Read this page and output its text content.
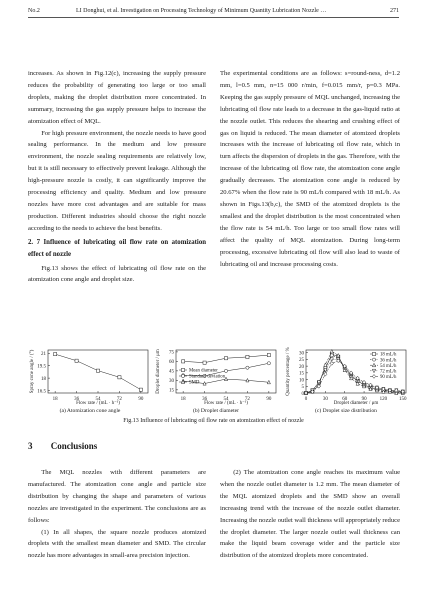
No.2	LI Donghui, et al. Investigation on Processing Technology of Minimum Quantity Lubrication Nozzle …	271

increases. As shown in Fig.12(c), increasing the supply pressure reduces the probability of generating too large or too small droplets, making the droplet distribution more concentrated. In summary, increasing the gas supply pressure helps to increase the atomization effect of MQL.

For high pressure environment, the nozzle needs to have good sealing performance. In the medium and low pressure environment, the nozzle sealing requirements are relatively low, but it is still necessary to effectively prevent leakage. Although the high-pressure nozzle is costly, it can significantly improve the processing efficiency and quality. Medium and low pressure nozzles have more cost advantages and are suitable for mass production. Different industries should choose the right nozzle according to the needs to achieve the best benefits.

2. 7 Influence of lubricating oil flow rate on atomization effect of nozzle

Fig.13 shows the effect of lubricating oil flow rate on the atomization cone angle and droplet size.

The experimental conditions are as follows: s=round-ness, d=1.2 mm, l=0.5 mm, n=15 000 r/min, f=0.015 mm/r, p=0.3 MPa. Keeping the gas supply pressure of MQL unchanged, increasing the lubricating oil flow rate leads to a decrease in the gas-liquid ratio at the nozzle outlet. This reduces the shearing and crushing effect of gas on liquid is reduced. The mean diameter of atomized droplets increases with the increase of lubricating oil flow rate, which in turn affects the dispersion of droplets in the gas. Therefore, with the increase of the lubricating oil flow rate, the atomization cone angle gradually decreases. The atomization cone angle is reduced by 20.67% when the flow rate is 90 mL/h compared with 18 mL/h. As shown in Figs.13(b,c), the SMD of the atomized droplets is the smallest and the droplet distribution is the most concentrated when the flow rate is 54 mL/h. Too large or too small flow rates will affect the quality of MQL atomization. During long-term processing, excessive lubricating oil flow will also lead to waste of lubricating oil and increase processing costs.

18	36	54	72	90
16.5
18
19.5
21
Flow rate / (mL · h⁻¹)
Spray cone angle / (°)
18	36	54	72	90
15
30
45
60
75
Flow rate / (mL · h⁻¹)
Droplet diameter / μm	Mean diameter
Standard deviation
SMD
0	30	60	90	120 150
0
5
10
15
20
25
30
Droplet diameter / μm
Quantity percentage / %	18 mL/h
36 mL/h
54 mL/h
72 mL/h
90 mL/h
(a) Atomization cone angle	(b) Droplet diameter	(c) Droplet size distribution
Fig.13 Influence of lubricating oil flow rate on atomization effect of nozzle
3 Conclusions

The MQL nozzles with different parameters are manufactured. The atomization cone angle and particle size distribution by changing the shape and parameters of various nozzles are investigated in the experiment. The conclusions are as follows:

(1) In all shapes, the square nozzle produces atomized droplets with the smallest mean diameter and SMD. The circular nozzle has more advantages in small-area precision injection.

(2) The atomization cone angle reaches its maximum value when the nozzle outlet diameter is 1.2 mm. The mean diameter of the MQL atomized droplets and the SMD show an overall increasing trend with the increase of the nozzle outlet diameter. Increasing the nozzle outlet wall thickness will appropriately reduce the droplet diameter. The larger nozzle outlet wall thickness can make the liquid beam coverage wider and the particle size distribution of the atomized droplets more concentrated.
